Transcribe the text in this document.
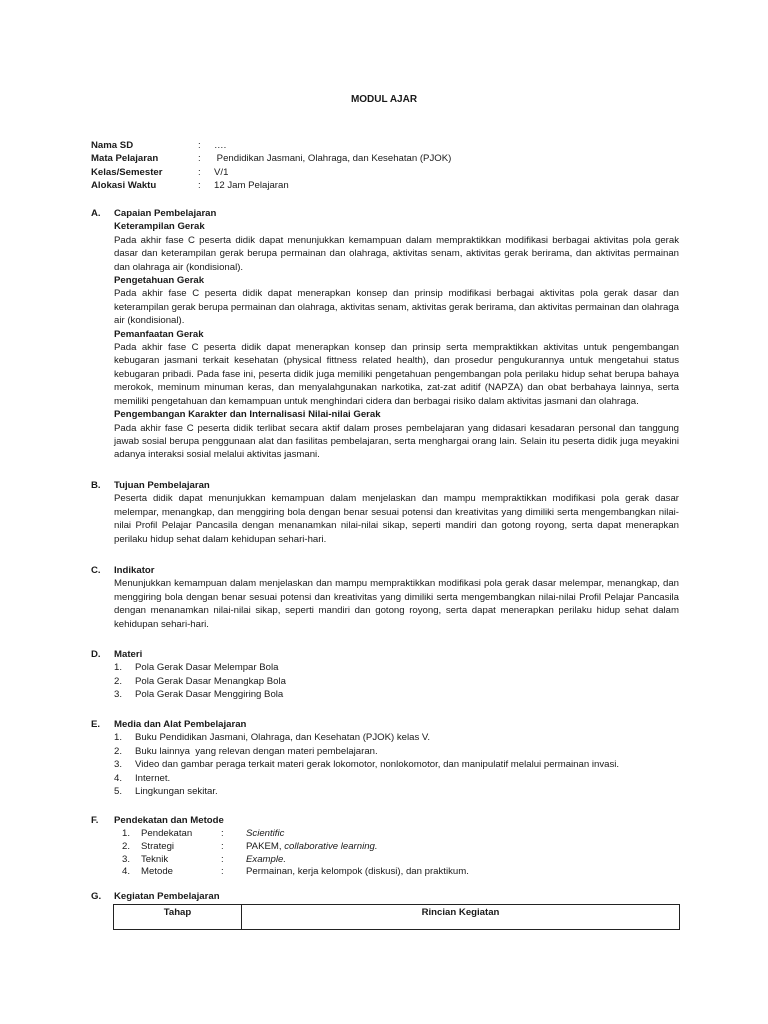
MODUL AJAR
Nama SD	:	….
Mata Pelajaran	:	Pendidikan Jasmani, Olahraga, dan Kesehatan (PJOK)
Kelas/Semester	:	V/1
Alokasi Waktu	:	12 Jam Pelajaran
A.	Capaian Pembelajaran
Keterampilan Gerak
Pada akhir fase C peserta didik dapat menunjukkan kemampuan dalam mempraktikkan modifikasi berbagai aktivitas pola gerak dasar dan keterampilan gerak berupa permainan dan olahraga, aktivitas senam, aktivitas gerak berirama, dan aktivitas permainan dan olahraga air (kondisional).
Pengetahuan Gerak
Pada akhir fase C peserta didik dapat menerapkan konsep dan prinsip modifikasi berbagai aktivitas pola gerak dasar dan keterampilan gerak berupa permainan dan olahraga, aktivitas senam, aktivitas gerak berirama, dan aktivitas permainan dan olahraga air (kondisional).
Pemanfaatan Gerak
Pada akhir fase C peserta didik dapat menerapkan konsep dan prinsip serta mempraktikkan aktivitas untuk pengembangan kebugaran jasmani terkait kesehatan (physical fittness related health), dan prosedur pengukurannya untuk mengetahui status kebugaran pribadi. Pada fase ini, peserta didik juga memiliki pengetahuan pengembangan pola perilaku hidup sehat berupa bahaya merokok, meminum minuman keras, dan menyalahgunakan narkotika, zat-zat aditif (NAPZA) dan obat berbahaya lainnya, serta memiliki pengetahuan dan kemampuan untuk menghindari cidera dan berbagai risiko dalam aktivitas jasmani dan olahraga.
Pengembangan Karakter dan Internalisasi Nilai-nilai Gerak
Pada akhir fase C peserta didik terlibat secara aktif dalam proses pembelajaran yang didasari kesadaran personal dan tanggung jawab sosial berupa penggunaan alat dan fasilitas pembelajaran, serta menghargai orang lain. Selain itu peserta didik juga meyakini adanya interaksi sosial melalui aktivitas jasmani.
B.	Tujuan Pembelajaran
Peserta didik dapat menunjukkan kemampuan dalam menjelaskan dan mampu mempraktikkan modifikasi pola gerak dasar melempar, menangkap, dan menggiring bola dengan benar sesuai potensi dan kreativitas yang dimiliki serta mengembangkan nilai-nilai Profil Pelajar Pancasila dengan menanamkan nilai-nilai sikap, seperti mandiri dan gotong royong, serta dapat menerapkan perilaku hidup sehat dalam kehidupan sehari-hari.
C.	Indikator
Menunjukkan kemampuan dalam menjelaskan dan mampu mempraktikkan modifikasi pola gerak dasar melempar, menangkap, dan menggiring bola dengan benar sesuai potensi dan kreativitas yang dimiliki serta mengembangkan nilai-nilai Profil Pelajar Pancasila dengan menanamkan nilai-nilai sikap, seperti mandiri dan gotong royong, serta dapat menerapkan perilaku hidup sehat dalam kehidupan sehari-hari.
D.	Materi
1.	Pola Gerak Dasar Melempar Bola
2.	Pola Gerak Dasar Menangkap Bola
3.	Pola Gerak Dasar Menggiring Bola
E.	Media dan Alat Pembelajaran
1.	Buku Pendidikan Jasmani, Olahraga, dan Kesehatan (PJOK) kelas V.
2.	Buku lainnya  yang relevan dengan materi pembelajaran.
3.	Video dan gambar peraga terkait materi gerak lokomotor, nonlokomotor, dan manipulatif melalui permainan invasi.
4.	Internet.
5.	Lingkungan sekitar.
F.	Pendekatan dan Metode
1.	Pendekatan	:	Scientific
2.	Strategi	:	PAKEM, collaborative learning.
3.	Teknik	:	Example.
4.	Metode	:	Permainan, kerja kelompok (diskusi), dan praktikum.
G.	Kegiatan Pembelajaran
Tahap	Rincian Kegiatan
